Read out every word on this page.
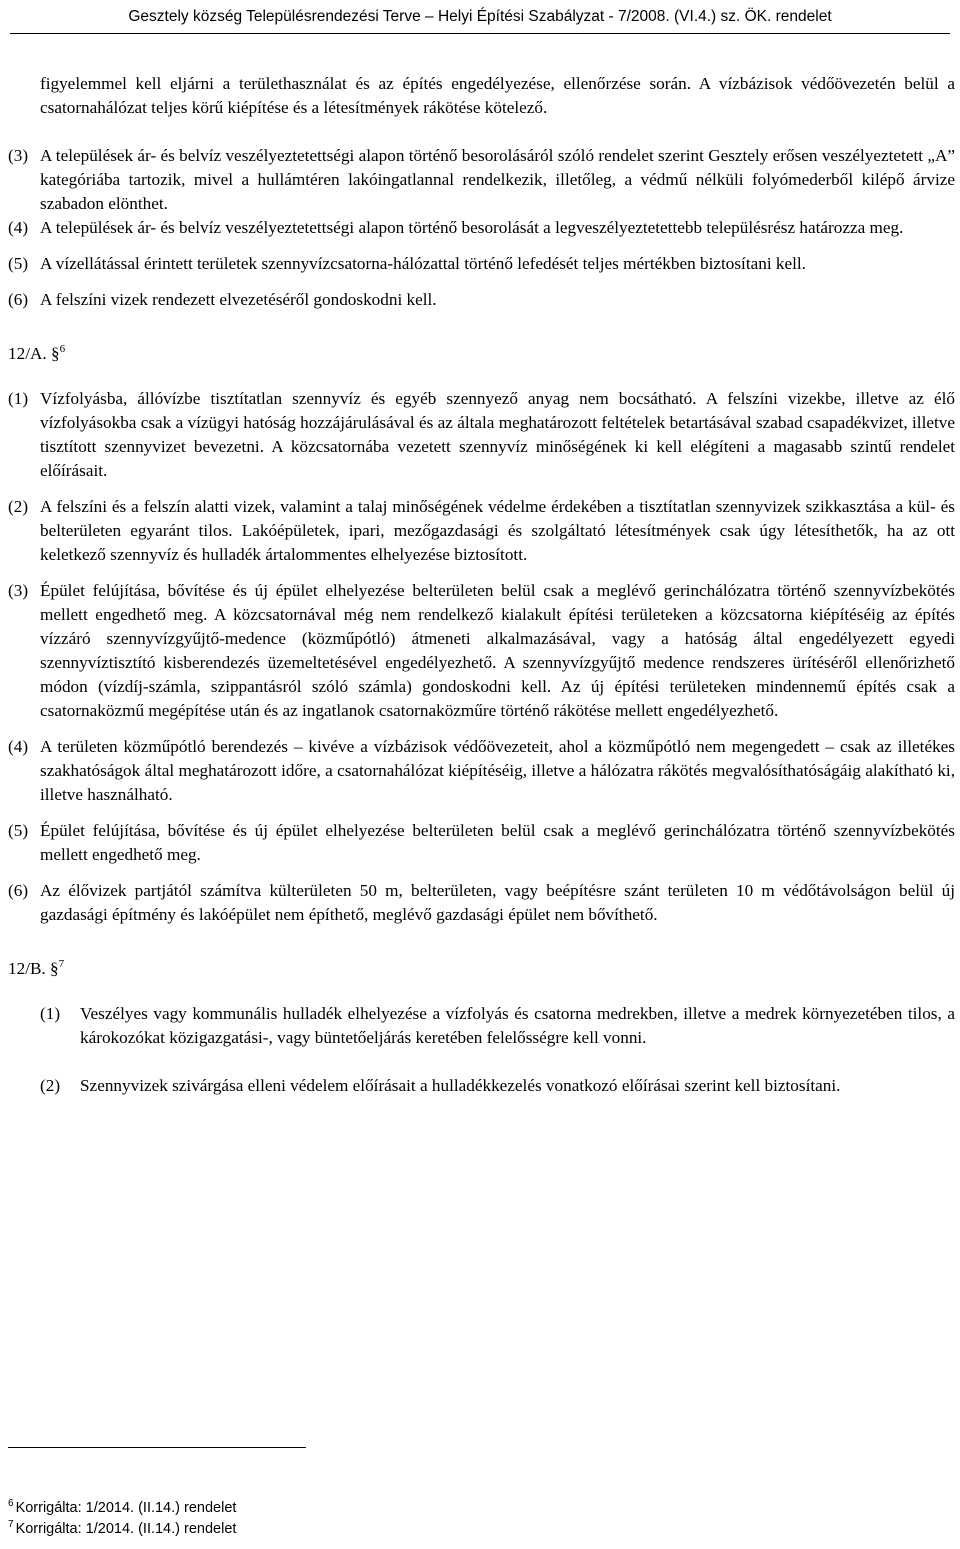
Gesztely község Településrendezési Terve – Helyi Építési Szabályzat - 7/2008. (VI.4.) sz. ÖK. rendelet

figyelemmel kell eljárni a területhasználat és az építés engedélyezése, ellenőrzése során. A vízbázisok védőövezetén belül a csatornahálózat teljes körű kiépítése és a létesítmények rákötése kötelező.

(3) A települések ár- és belvíz veszélyeztetettségi alapon történő besorolásáról szóló rendelet szerint Gesztely erősen veszélyeztetett „A” kategóriába tartozik, mivel a hullámtéren lakóingatlannal rendelkezik, illetőleg, a védmű nélküli folyómederből kilépő árvize szabadon elönthet.
(4) A települések ár- és belvíz veszélyeztetettségi alapon történő besorolását a legveszélyeztetettebb településrész határozza meg.
(5) A vízellátással érintett területek szennyvízcsatorna-hálózattal történő lefedését teljes mértékben biztosítani kell.
(6) A felszíni vizek rendezett elvezetéséről gondoskodni kell.

12/A. §$^6$

(1) Vízfolyásba, állóvízbe tisztítatlan szennyvíz és egyéb szennyező anyag nem bocsátható. A felszíni vizekbe, illetve az élő vízfolyásokba csak a vízügyi hatóság hozzájárulásával és az általa meghatározott feltételek betartásával szabad csapadékvizet, illetve tisztított szennyvizet bevezetni. A közcsatornába vezetett szennyvíz minőségének ki kell elégíteni a magasabb szintű rendelet előírásait.
(2) A felszíni és a felszín alatti vizek, valamint a talaj minőségének védelme érdekében a tisztítatlan szennyvizek szikkasztása a kül- és belterületen egyaránt tilos. Lakóépületek, ipari, mezőgazdasági és szolgáltató létesítmények csak úgy létesíthetők, ha az ott keletkező szennyvíz és hulladék ártalommentes elhelyezése biztosított.
(3) Épület felújítása, bővítése és új épület elhelyezése belterületen belül csak a meglévő gerinchálózatra történő szennyvízbekötés mellett engedhető meg. A közcsatornával még nem rendelkező kialakult építési területeken a közcsatorna kiépítéséig az építés vízzáró szennyvízgyűjtő-medence (közműpótló) átmeneti alkalmazásával, vagy a hatóság által engedélyezett egyedi szennyvíztisztító kisberendezés üzemeltetésével engedélyezhető. A szennyvízgyűjtő medence rendszeres ürítéséről ellenőrizhető módon (vízdíj-számla, szippantásról szóló számla) gondoskodni kell. Az új építési területeken mindennemű építés csak a csatornaközmű megépítése után és az ingatlanok csatornaközműre történő rákötése mellett engedélyezhető.
(4) A területen közműpótló berendezés – kivéve a vízbázisok védőövezeteit, ahol a közműpótló nem megengedett – csak az illetékes szakhatóságok által meghatározott időre, a csatornahálózat kiépítéséig, illetve a hálózatra rákötés megvalósíthatóságáig alakítható ki, illetve használható.
(5) Épület felújítása, bővítése és új épület elhelyezése belterületen belül csak a meglévő gerinchálózatra történő szennyvízbekötés mellett engedhető meg.
(6) Az élővizek partjától számítva külterületen 50 m, belterületen, vagy beépítésre szánt területen 10 m védőtávolságon belül új gazdasági építmény és lakóépület nem építhető, meglévő gazdasági épület nem bővíthető.

12/B. §$^7$

(1)	Veszélyes vagy kommunális hulladék elhelyezése a vízfolyás és csatorna medrekben, illetve a medrek környezetében tilos, a károkozókat közigazgatási-, vagy büntetőeljárás keretében felelősségre kell vonni.
(2)	Szennyvizek szivárgása elleni védelem előírásait a hulladékkezelés vonatkozó előírásai szerint kell biztosítani.
$^6$ Korrigálta: 1/2014. (II.14.) rendelet
$^7$ Korrigálta: 1/2014. (II.14.) rendelet
